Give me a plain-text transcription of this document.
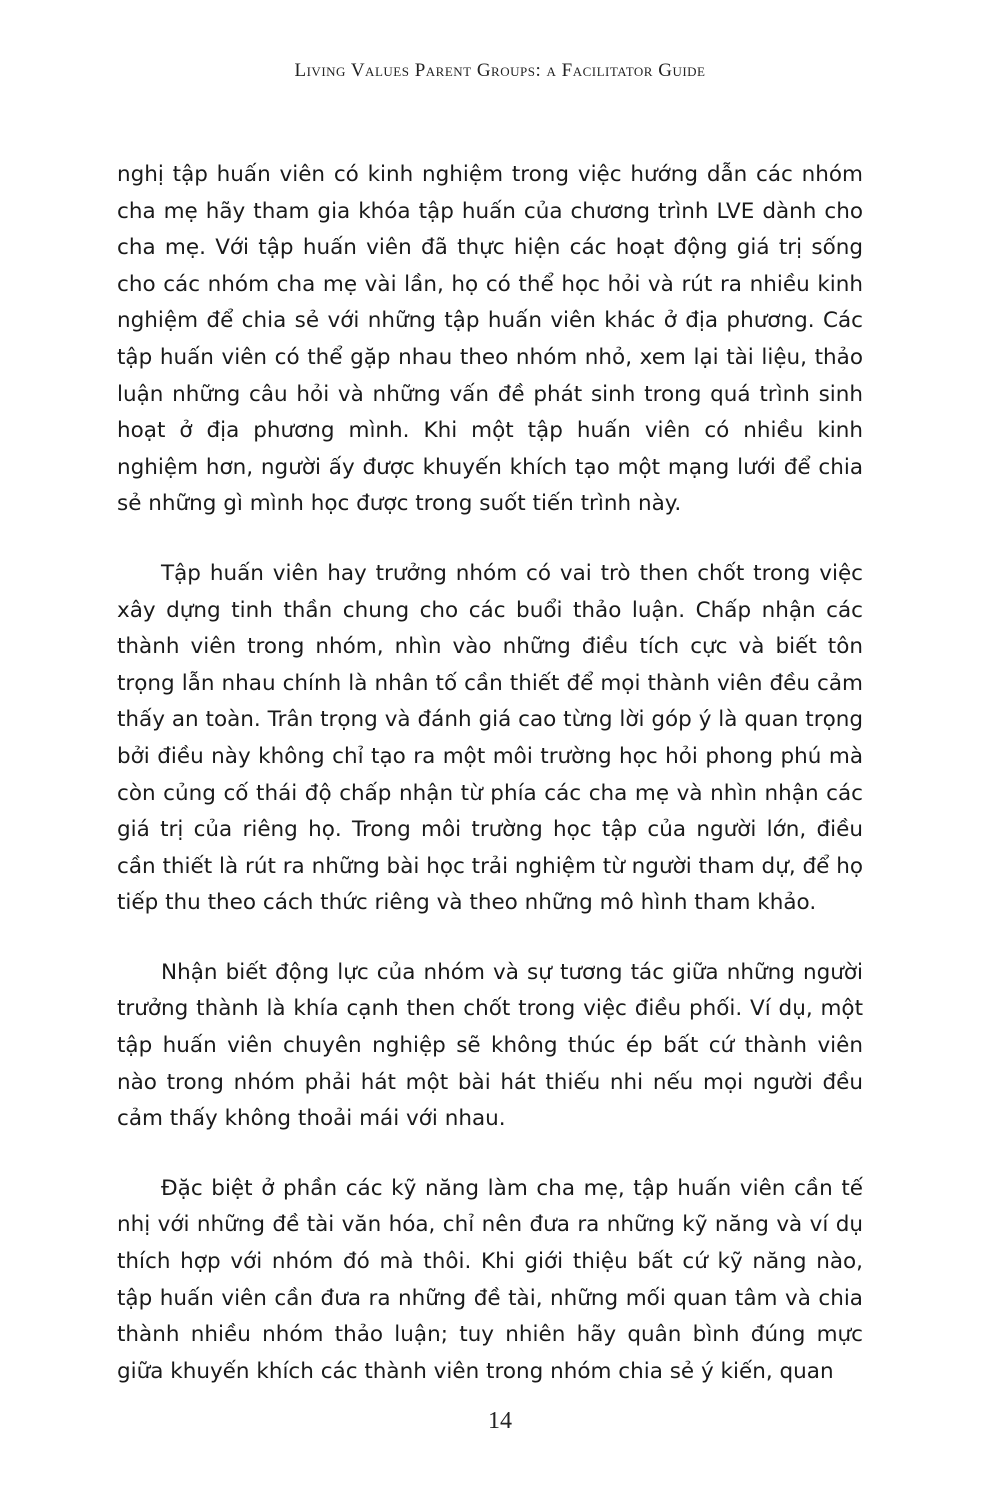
Living Values Parent Groups: a Facilitator Guide

nghị tập huấn viên có kinh nghiệm trong việc hướng dẫn các nhóm cha mẹ hãy tham gia khóa tập huấn của chương trình LVE dành cho cha mẹ. Với tập huấn viên đã thực hiện các hoạt động giá trị sống cho các nhóm cha mẹ vài lần, họ có thể học hỏi và rút ra nhiều kinh nghiệm để chia sẻ với những tập huấn viên khác ở địa phương. Các tập huấn viên có thể gặp nhau theo nhóm nhỏ, xem lại tài liệu, thảo luận những câu hỏi và những vấn đề phát sinh trong quá trình sinh hoạt ở địa phương mình. Khi một tập huấn viên có nhiều kinh nghiệm hơn, người ấy được khuyến khích tạo một mạng lưới để chia sẻ những gì mình học được trong suốt tiến trình này.

Tập huấn viên hay trưởng nhóm có vai trò then chốt trong việc xây dựng tinh thần chung cho các buổi thảo luận. Chấp nhận các thành viên trong nhóm, nhìn vào những điều tích cực và biết tôn trọng lẫn nhau chính là nhân tố cần thiết để mọi thành viên đều cảm thấy an toàn. Trân trọng và đánh giá cao từng lời góp ý là quan trọng bởi điều này không chỉ tạo ra một môi trường học hỏi phong phú mà còn củng cố thái độ chấp nhận từ phía các cha mẹ và nhìn nhận các giá trị của riêng họ. Trong môi trường học tập của người lớn, điều cần thiết là rút ra những bài học trải nghiệm từ người tham dự, để họ tiếp thu theo cách thức riêng và theo những mô hình tham khảo.

Nhận biết động lực của nhóm và sự tương tác giữa những người trưởng thành là khía cạnh then chốt trong việc điều phối. Ví dụ, một tập huấn viên chuyên nghiệp sẽ không thúc ép bất cứ thành viên nào trong nhóm phải hát một bài hát thiếu nhi nếu mọi người đều cảm thấy không thoải mái với nhau.

Đặc biệt ở phần các kỹ năng làm cha mẹ, tập huấn viên cần tế nhị với những đề tài văn hóa, chỉ nên đưa ra những kỹ năng và ví dụ thích hợp với nhóm đó mà thôi. Khi giới thiệu bất cứ kỹ năng nào, tập huấn viên cần đưa ra những đề tài, những mối quan tâm và chia thành nhiều nhóm thảo luận; tuy nhiên hãy quân bình đúng mực giữa khuyến khích các thành viên trong nhóm chia sẻ ý kiến, quan

14
